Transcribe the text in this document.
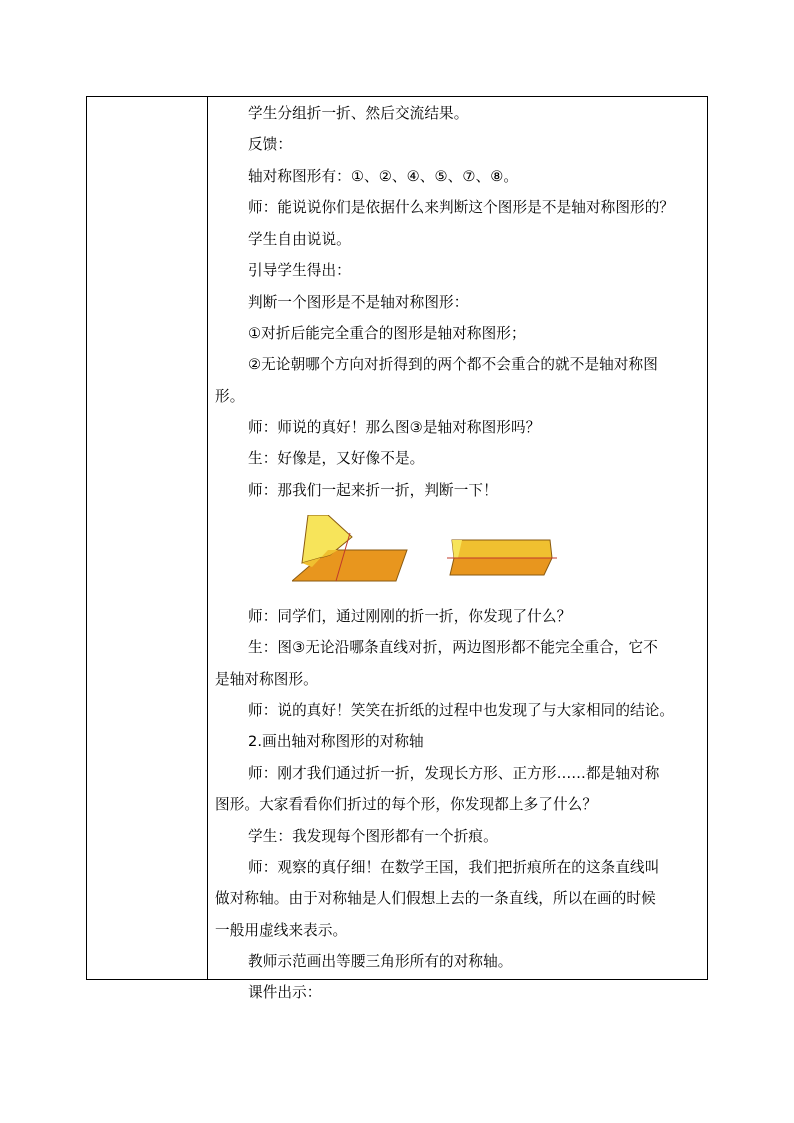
学生分组折一折、然后交流结果。
反馈：
轴对称图形有：①、②、④、⑤、⑦、⑧。
师：能说说你们是依据什么来判断这个图形是不是轴对称图形的？
学生自由说说。
引导学生得出：
判断一个图形是不是轴对称图形：
①对折后能完全重合的图形是轴对称图形；
②无论朝哪个方向对折得到的两个都不会重合的就不是轴对称图
形。
师：师说的真好！那么图③是轴对称图形吗？
生：好像是，又好像不是。
师：那我们一起来折一折，判断一下！
师：同学们，通过刚刚的折一折，你发现了什么？
生：图③无论沿哪条直线对折，两边图形都不能完全重合，它不
是轴对称图形。
师：说的真好！笑笑在折纸的过程中也发现了与大家相同的结论。
2.画出轴对称图形的对称轴
师：刚才我们通过折一折，发现长方形、正方形……都是轴对称
图形。大家看看你们折过的每个形，你发现都上多了什么？
学生：我发现每个图形都有一个折痕。
师：观察的真仔细！在数学王国，我们把折痕所在的这条直线叫
做对称轴。由于对称轴是人们假想上去的一条直线，所以在画的时候
一般用虚线来表示。
教师示范画出等腰三角形所有的对称轴。
课件出示：
